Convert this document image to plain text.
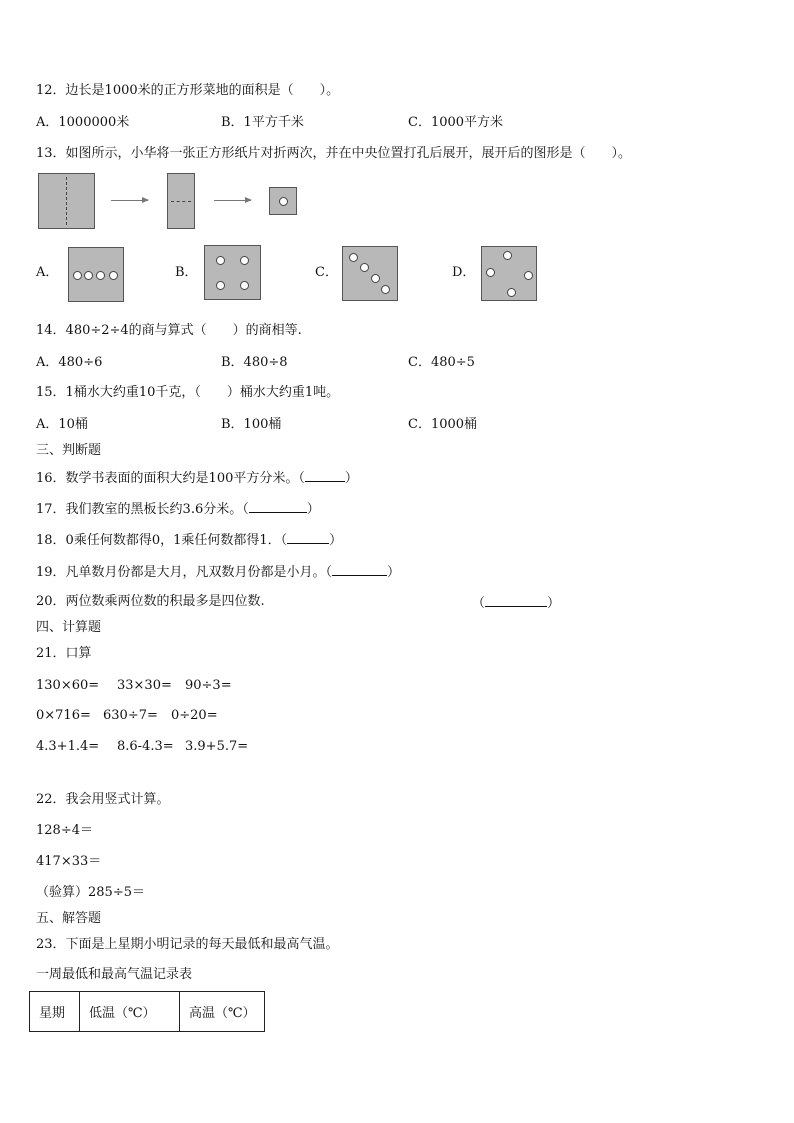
12．边长是1000米的正方形菜地的面积是（　　）。
A．1000000米	B．1平方千米	C．1000平方米
13．如图所示，小华将一张正方形纸片对折两次，并在中央位置打孔后展开，展开后的图形是（　　）。
A．	B．	C．	D．
14．480÷2÷4的商与算式（　　）的商相等.
A．480÷6	B．480÷8	C．480÷5
15．1桶水大约重10千克，（　　）桶水大约重1吨。
A．10桶	B．100桶	C．1000桶
三、判断题
16．数学书表面的面积大约是100平方分米。（	）
17．我们教室的黑板长约3.6分米。（	）
18．0乘任何数都得0，1乘任何数都得1．（	）
19．凡单数月份都是大月，凡双数月份都是小月。（	）
20．两位数乘两位数的积最多是四位数.	（	）
四、计算题
21．口算
130×60= 33×30= 90÷3=
0×716= 630÷7= 0÷20=
4.3+1.4= 8.6-4.3= 3.9+5.7=
22．我会用竖式计算。
128÷4＝
417×33＝
（验算）285÷5＝
五、解答题
23．下面是上星期小明记录的每天最低和最高气温。
一周最低和最高气温记录表
星期	低温（℃）	高温（℃）
